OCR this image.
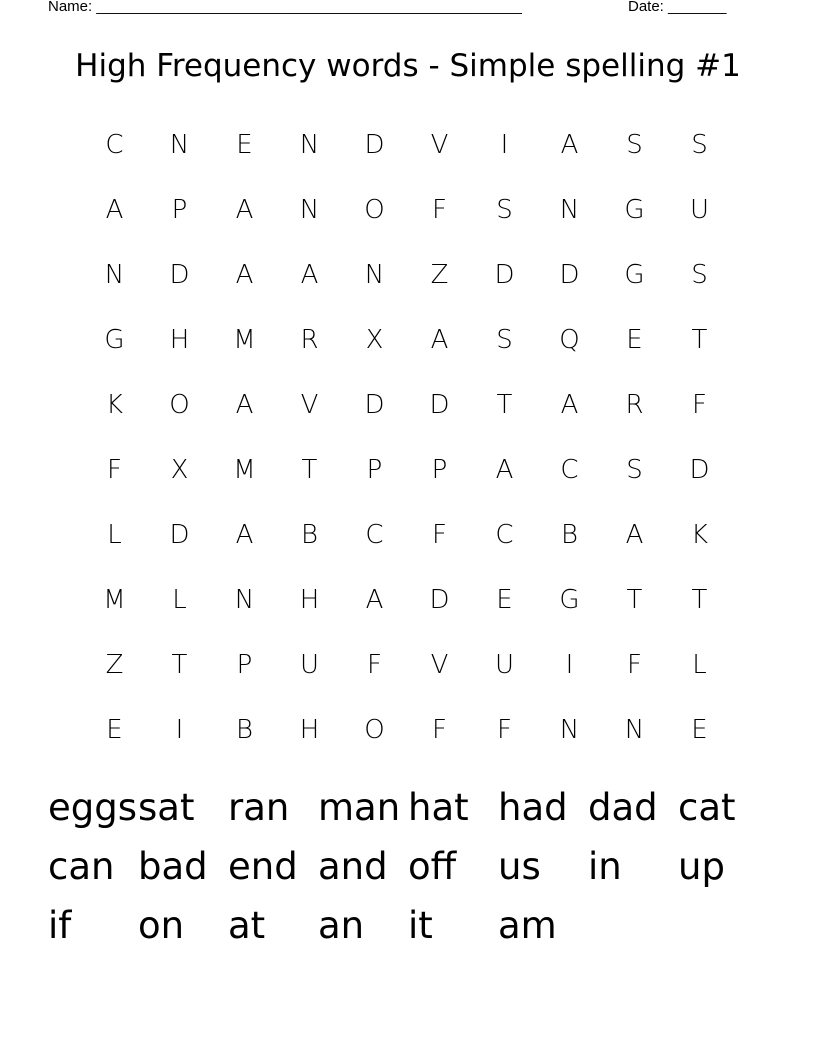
Name: ___________________________________________________	Date: _______
High Frequency words - Simple spelling #1
C	N	E	N	D	V	I	A	S	S
A	P	A	N	O	F	S	N	G	U
N	D	A	A	N	Z	D	D	G	S
G	H	M	R	X	A	S	Q	E	T
K	O	A	V	D	D	T	A	R	F
F	X	M	T	P	P	A	C	S	D
L	D	A	B	C	F	C	B	A	K
M	L	N	H	A	D	E	G	T	T
Z	T	P	U	F	V	U	I	F	L
E	I	B	H	O	F	F	N	N	E
eggs sat ran man hat had dad cat
can bad end and off	us	in	up
if	on	at	an	it	am
